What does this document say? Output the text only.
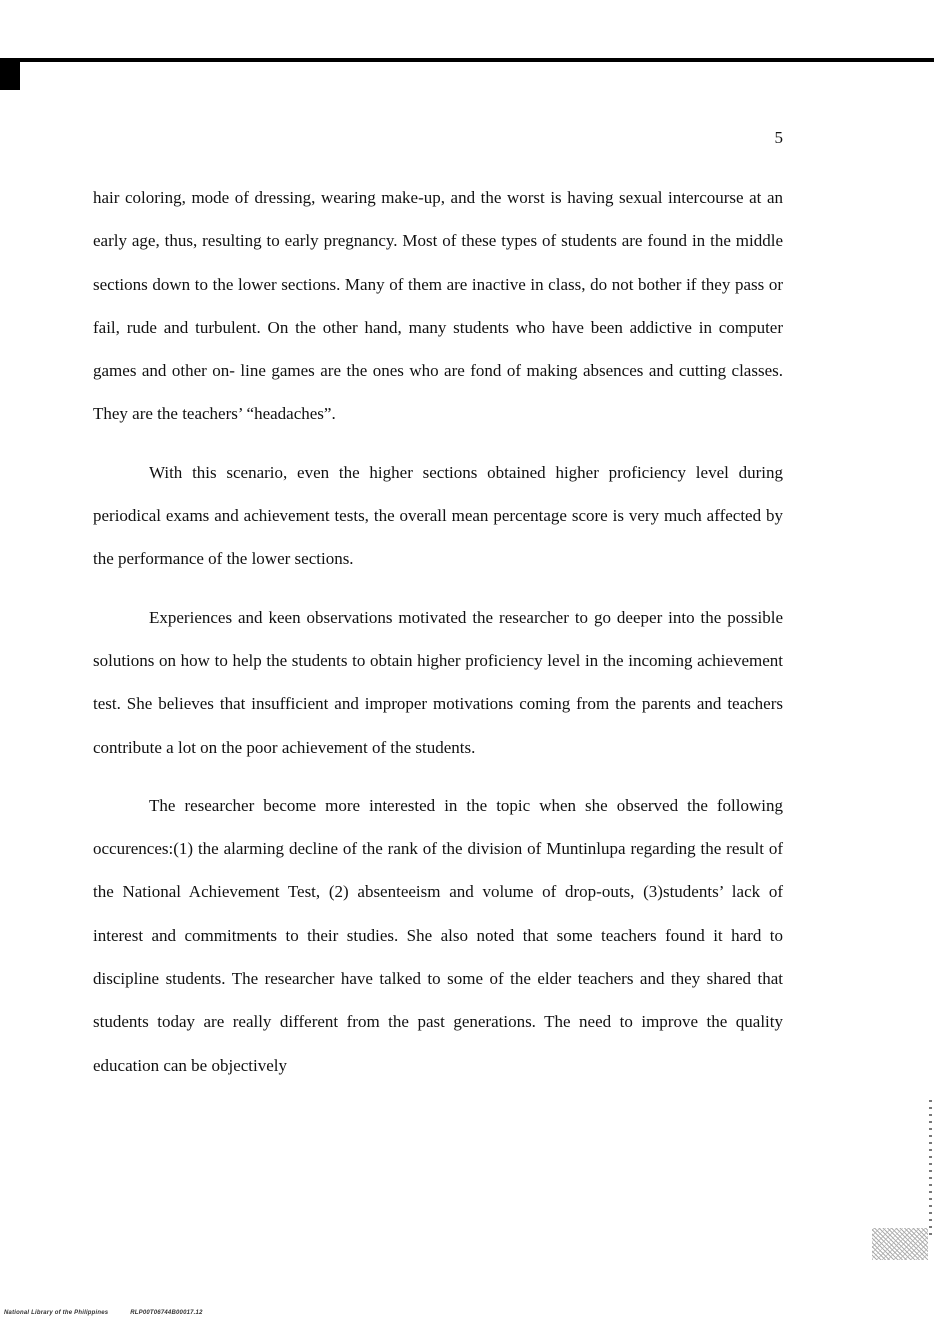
5

hair coloring, mode of dressing, wearing make-up, and the worst is having sexual intercourse at an early age, thus, resulting to early pregnancy. Most of these types of students are found in the middle sections down to the lower sections. Many of them are inactive in class, do not bother if they pass or fail, rude and turbulent. On the other hand, many students who have been addictive in computer games and other on- line games are the ones who are fond of making absences and cutting classes. They are the teachers’ “headaches”.

With this scenario, even the higher sections obtained higher proficiency level during periodical exams and achievement tests, the overall mean percentage score is very much affected by the performance of the lower sections.

Experiences and keen observations motivated the researcher to go deeper into the possible solutions on how to help the students to obtain higher proficiency level in the incoming achievement test. She believes that insufficient and improper motivations coming from the parents and teachers contribute a lot on the poor achievement of the students.

The researcher become more interested in the topic when she observed the following occurences:(1) the alarming decline of the rank of the division of Muntinlupa regarding the result of the National Achievement Test, (2) absenteeism and volume of drop-outs, (3)students’ lack of interest and commitments to their studies. She also noted that some teachers found it hard to discipline students. The researcher have talked to some of the elder teachers and they shared that students today are really different from the past generations. The need to improve the quality education can be objectively

National Library of the Philippines	RLP00T06744B00017.12
